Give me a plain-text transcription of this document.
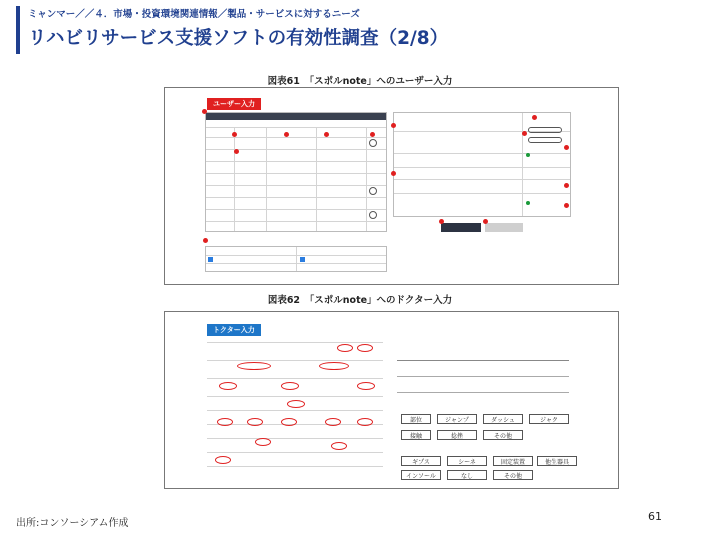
ミャンマー／／４．市場・投資環境関連情報／製品・サービスに対するニーズ
リハビリサービス支援ソフトの有効性調査（2/8）
図表61　「スポルnote」へのユーザー入力
ユーザー入力
図表62　「スポルnote」へのドクター入力
トクター入力
部位	ジャンプ	ダッシュ	ジャク
接触	捻挫	その他
ギプス	シーネ	固定装置	他生器具
インソール	なし	その他
出所:コンソーシアム作成
61
